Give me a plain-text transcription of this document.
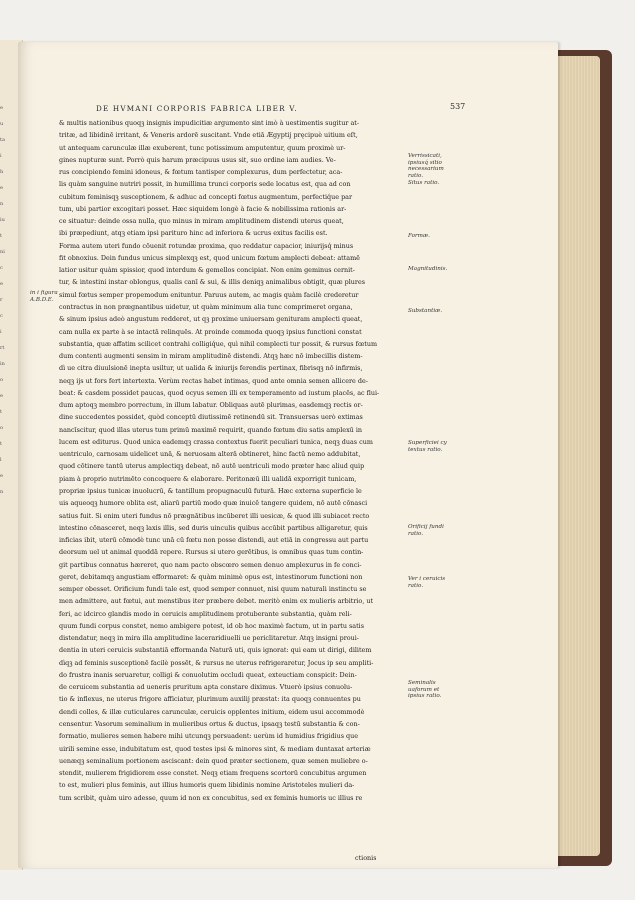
e
u
ta
i
h
e
n
iu
t
ni
c
e
r
c
i
rt
in
o
e
t
o
t
l
e
n
DE HVMANI CORPORIS FABRICA LIBER V.	537
& multis nationibus quoqꝫ insignis impudicitiæ argumento sint imò à uestimentis sugitur at-
tritæ, ad libidinē irritant, & Veneris ardorē suscitant. Vnde etiā Ægyptij pręcipuè uitium eſt,
ut antequam carunculæ illæ exuberent, tunc potissimum amputentur, quum proximè ur-
gines nupturæ sunt. Porrò quis harum præcipuus usus sit, suo ordine iam audies. Ve-
rus concipiendo femini idoneus, & fœtum tantisper complexurus, dum perfectetur, aca-
lis quàm sanguine nutriri possit, in humillima trunci corporis sede locatus est, qua ad con
cubitum feminisqꝫ susceptionem, & adhuc ad concepti fœtus augmentum, perfectiq́ue par
tum, ubi partior excogitari posset. Hæc siquidem longè à facie & nobilissima rationis ar-
ce situatur: deinde ossa nulla, quo minus in miram amplitudinem distendi uterus queat,
ibi præpediunt, atqꝫ etiam ipsi parituro hinc ad inferiora & ucrus exitus facilis est.
Forma autem uteri fundo cōuenit rotundæ proxima, quo reddatur capacior, iniurijsq́ minus
fit obnoxius. Dein fundus unicus simplexqꝫ est, quod unicum fœtum amplecti debeat: attamē
latior usitur quàm spissior, quod interdum & gemellos concipiat. Non enim geminus cernit-
tur, & intestini instar oblongus, qualis canī & sui, & illis deniqꝫ animalibus obtigit, quæ plures
simul fœtus semper propemodum enituntur. Paruus autem, ac magis quàm facilè crederetur
contractus in non prægnantibus uidetur, ut quàm minimum alia tunc comprimeret organa,
& sinum ipsius adeò angustum redderet, ut qꝫ proxime uniuersam genituram amplecti queat,
cam nulla ex parte à se intactā relinquēs. At proinde commoda quoqꝫ ipsius functioni constat
substantia, quæ affatim scilicet contrahi colligiq́ue, quì nihil complecti tur possit, & rursus fœtum
dum contenti augmenti sensim in miram amplitudinē distendi. Atqꝫ hæc nō imbecillis distem-
dì ue citra diuulsionē inepta usiltur, ut ualida & iniurijs ferendis pertinax, fibrisqꝫ nō infirmis,
neqꝫ ijs ut fors fert intertexta. Verùm rectas habet intimas, quod ante omnia semen allicere de-
beat: & casdem possidet paucas, quod ocyus semen illi ex temperamento ad iustum placēs, ac flui-
dum aptoqꝫ membro porrectum, in illum labatur. Obliquas autē plurimas, easdemqꝫ rectis or-
dine succedentes possidet, quòd conceptū diutissimē retinendū sit. Transuersas uerò extimas
nancīscitur, quod illas uterus tum primū maximē requirit, quando fœtum diu satis amplexū in
lucem est editurus. Quod unica eademqꝫ crassa contextus fuerit peculiari tunica, neqꝫ duas cum
uentriculo, carnosam uidelicet unā, & neruosam alterā obtineret, hinc factū nemo addubitat,
quod cōtinere tantū uterus amplectiqꝫ debeat, nō autē uentriculi modo præter hæc aliud quip
piam à proprio nutrimēto concoquere & elaborare. Peritonæū illi ualidā exporrigit tunicam,
propriæ ipsius tunicæ inuolucrū, & tantillum propugnaculū futurā. Hæc externa superficie le
uis aqueoqꝫ humore oblita est, aliarū partiū modo quæ inuicē tangere quidem, nō autē cōnasci
satius fuit. Si enim uteri fundus nō prægnātibus incūberet illi uesicæ, & quod illi subiacet recto
intestino cōnasceret, neqꝫ laxis illis, sed duris uinculis quibus accūbit partibus alligaretur, quis
inficias ibit, uterū cōmodè tunc unā cū fœtu non posse distendi, aut etiā in congressu aut partu
deorsum uel ut animal quoddā repere. Rursus si utero gerētibus, is omnibus quas tum contin-
git partibus connatus hæreret, quo nam pacto obscœro semen denuo amplexurus in fe conci-
geret, debitamqꝫ angustiam efformaret: & quàm minimè opus est, intestinorum functioni non
semper obesset. Orificium fundi tale est, quod semper connuet, nisi quum naturali instinctu se
men admittere, aut fœtui, aut menstibus iter præbere debet. meritò enim ex mulieris arbitrio, ut
feri, ac idcirco glandis modo in ceruicis amplitudinem protuberante substantia, quàm reli-
quum fundi corpus constet, nemo ambigere potest, id ob hoc maximè factum, ut in partu satis
distendatur, neqꝫ in mira illa amplitudine laceraridiuelli ue periclitaretur. Atqꝫ insigni proui-
dentia in uteri ceruicis substantiā efformanda Naturā uti, quis ignorat: qui eam ut dirigi, dilitem
dìqꝫ ad feminis susceptionē facilè possēt, & rursus ne uterus refrigeraretur, Jocus ip seu ampliti-
do frustra inanis seruaretur, colligi & conuolutim occludi queat, exteuctiam conspicit: Dein-
de ceruicem substantia ad ueneris pruritum apta constare diximus. Vtuerò ipsius conuolu-
tio & inflexus, ne uterus frigore afficiatur, plurimum auxilij præstat: ita quoqꝫ connuentes pu
dendi colles, & illæ cuticulares carunculæ, ceruicis opplentes initium, eidem usui accommodè
censentur. Vasorum seminalium in mulieribus ortus & ductus, ipsaqꝫ testū substantia & con-
formatio, mulieres semen habere mihi utcunqꝫ persuadent: uerùm id humidius frigidius que
uirili semine esse, indubitatum est, quod testes ipsi & minores sint, & mediam duntaxat arteriæ
uenæqꝫ seminalium portionem asciscant: dein quod præter sectionem, quæ semen muliebre o-
stendit, mulierem frigidiorem esse constet. Neqꝫ etiam frequens scortorū concubitus argumen
to est, mulieri plus feminis, aut illius humoris quem libidinis nomine Aristoteles mulieri da-
tum scribit, quàm uiro adesse, quum id non ex concubitus, sed ex feminis humoris uc illius re
ctionis
Verrissicati, ipsiusq́ sitio necessarium ratio.
Situs ratio.
Formæ.
Magnitudinis.
in i figura A.B.D.E.
Substantiæ.
Superficiei cy textus ratio.
Orificij fundi ratio.
Ver i ceruicis ratio.
Seminalis uaforum et ipsius ratio.
